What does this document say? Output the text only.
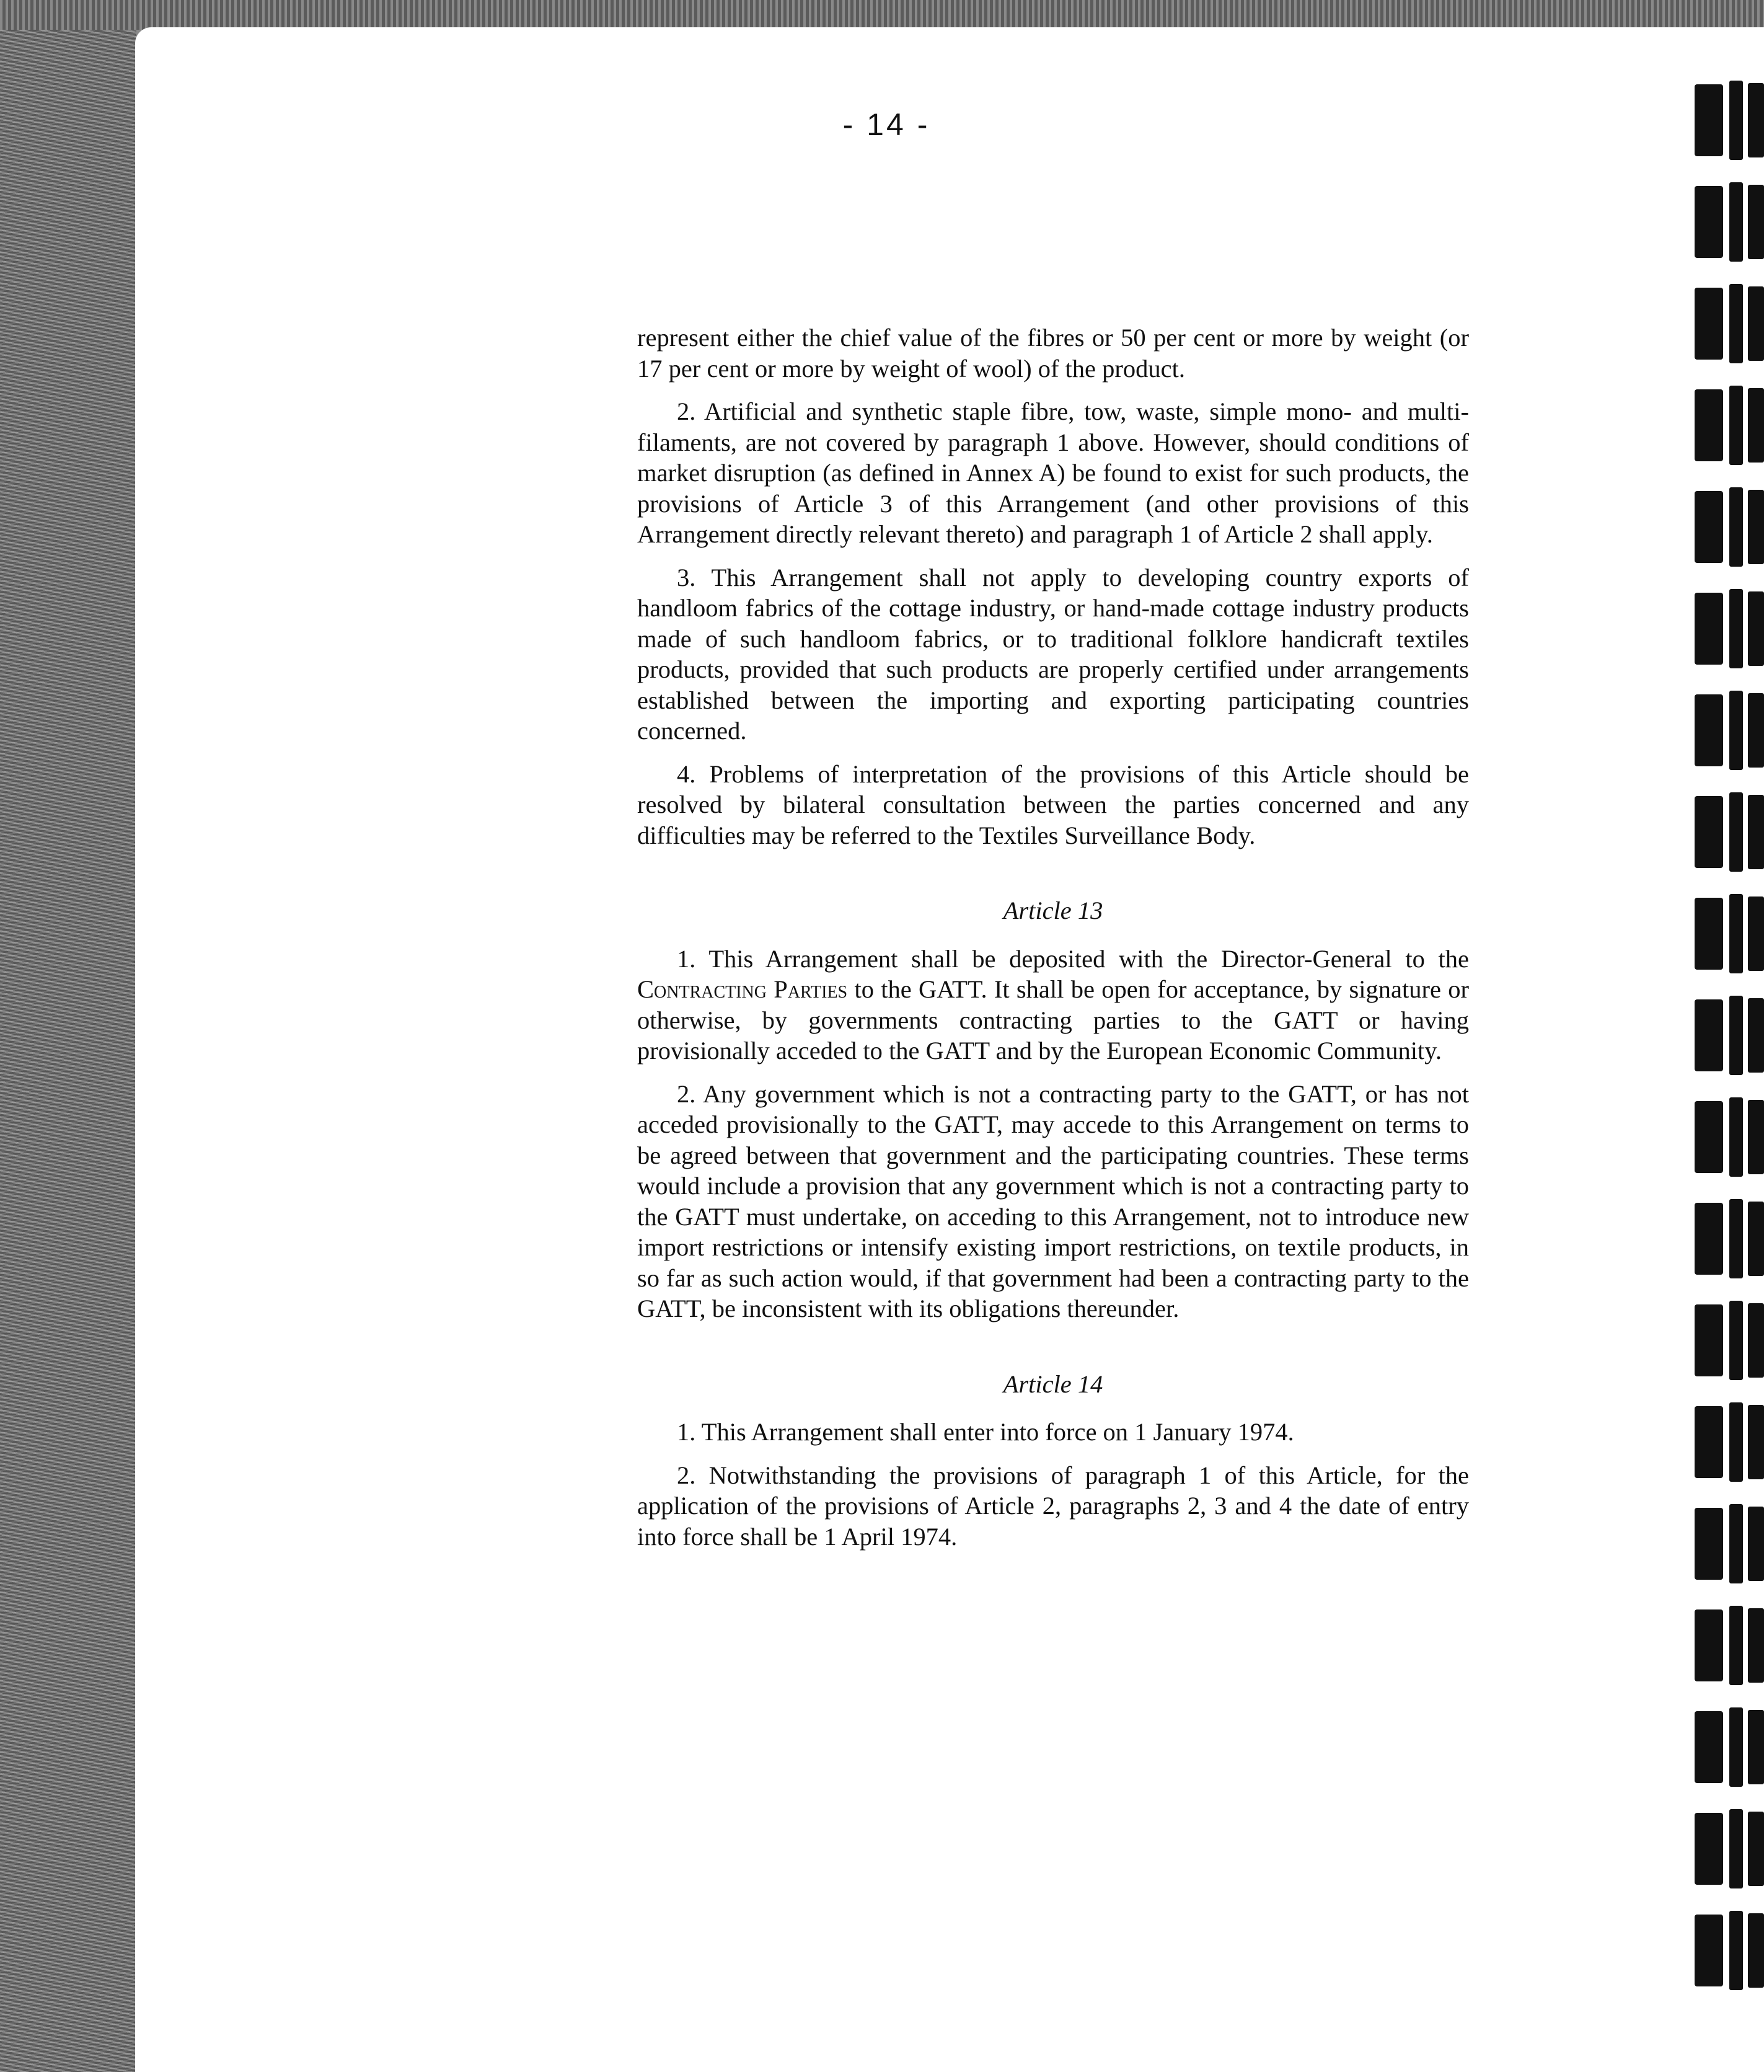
- 14 -

represent either the chief value of the fibres or 50 per cent or more by weight (or 17 per cent or more by weight of wool) of the product.

2. Artificial and synthetic staple fibre, tow, waste, simple mono- and multi-filaments, are not covered by paragraph 1 above. However, should conditions of market disruption (as defined in Annex A) be found to exist for such products, the provisions of Article 3 of this Arrangement (and other provisions of this Arrangement directly relevant thereto) and paragraph 1 of Article 2 shall apply.

3. This Arrangement shall not apply to developing country exports of handloom fabrics of the cottage industry, or hand-made cottage industry products made of such handloom fabrics, or to traditional folklore handicraft textiles products, provided that such products are properly certified under arrangements established between the importing and exporting participating countries concerned.

4. Problems of interpretation of the provisions of this Article should be resolved by bilateral consultation between the parties concerned and any difficulties may be referred to the Textiles Surveillance Body.

Article 13

1. This Arrangement shall be deposited with the Director-General to the Contracting Parties to the GATT. It shall be open for acceptance, by signature or otherwise, by governments contracting parties to the GATT or having provisionally acceded to the GATT and by the European Economic Community.

2. Any government which is not a contracting party to the GATT, or has not acceded provisionally to the GATT, may accede to this Arrangement on terms to be agreed between that government and the participating countries. These terms would include a provision that any government which is not a contracting party to the GATT must undertake, on acceding to this Arrangement, not to introduce new import restrictions or intensify existing import restrictions, on textile products, in so far as such action would, if that government had been a contracting party to the GATT, be inconsistent with its obligations thereunder.

Article 14

1. This Arrangement shall enter into force on 1 January 1974.

2. Notwithstanding the provisions of paragraph 1 of this Article, for the application of the provisions of Article 2, paragraphs 2, 3 and 4 the date of entry into force shall be 1 April 1974.
